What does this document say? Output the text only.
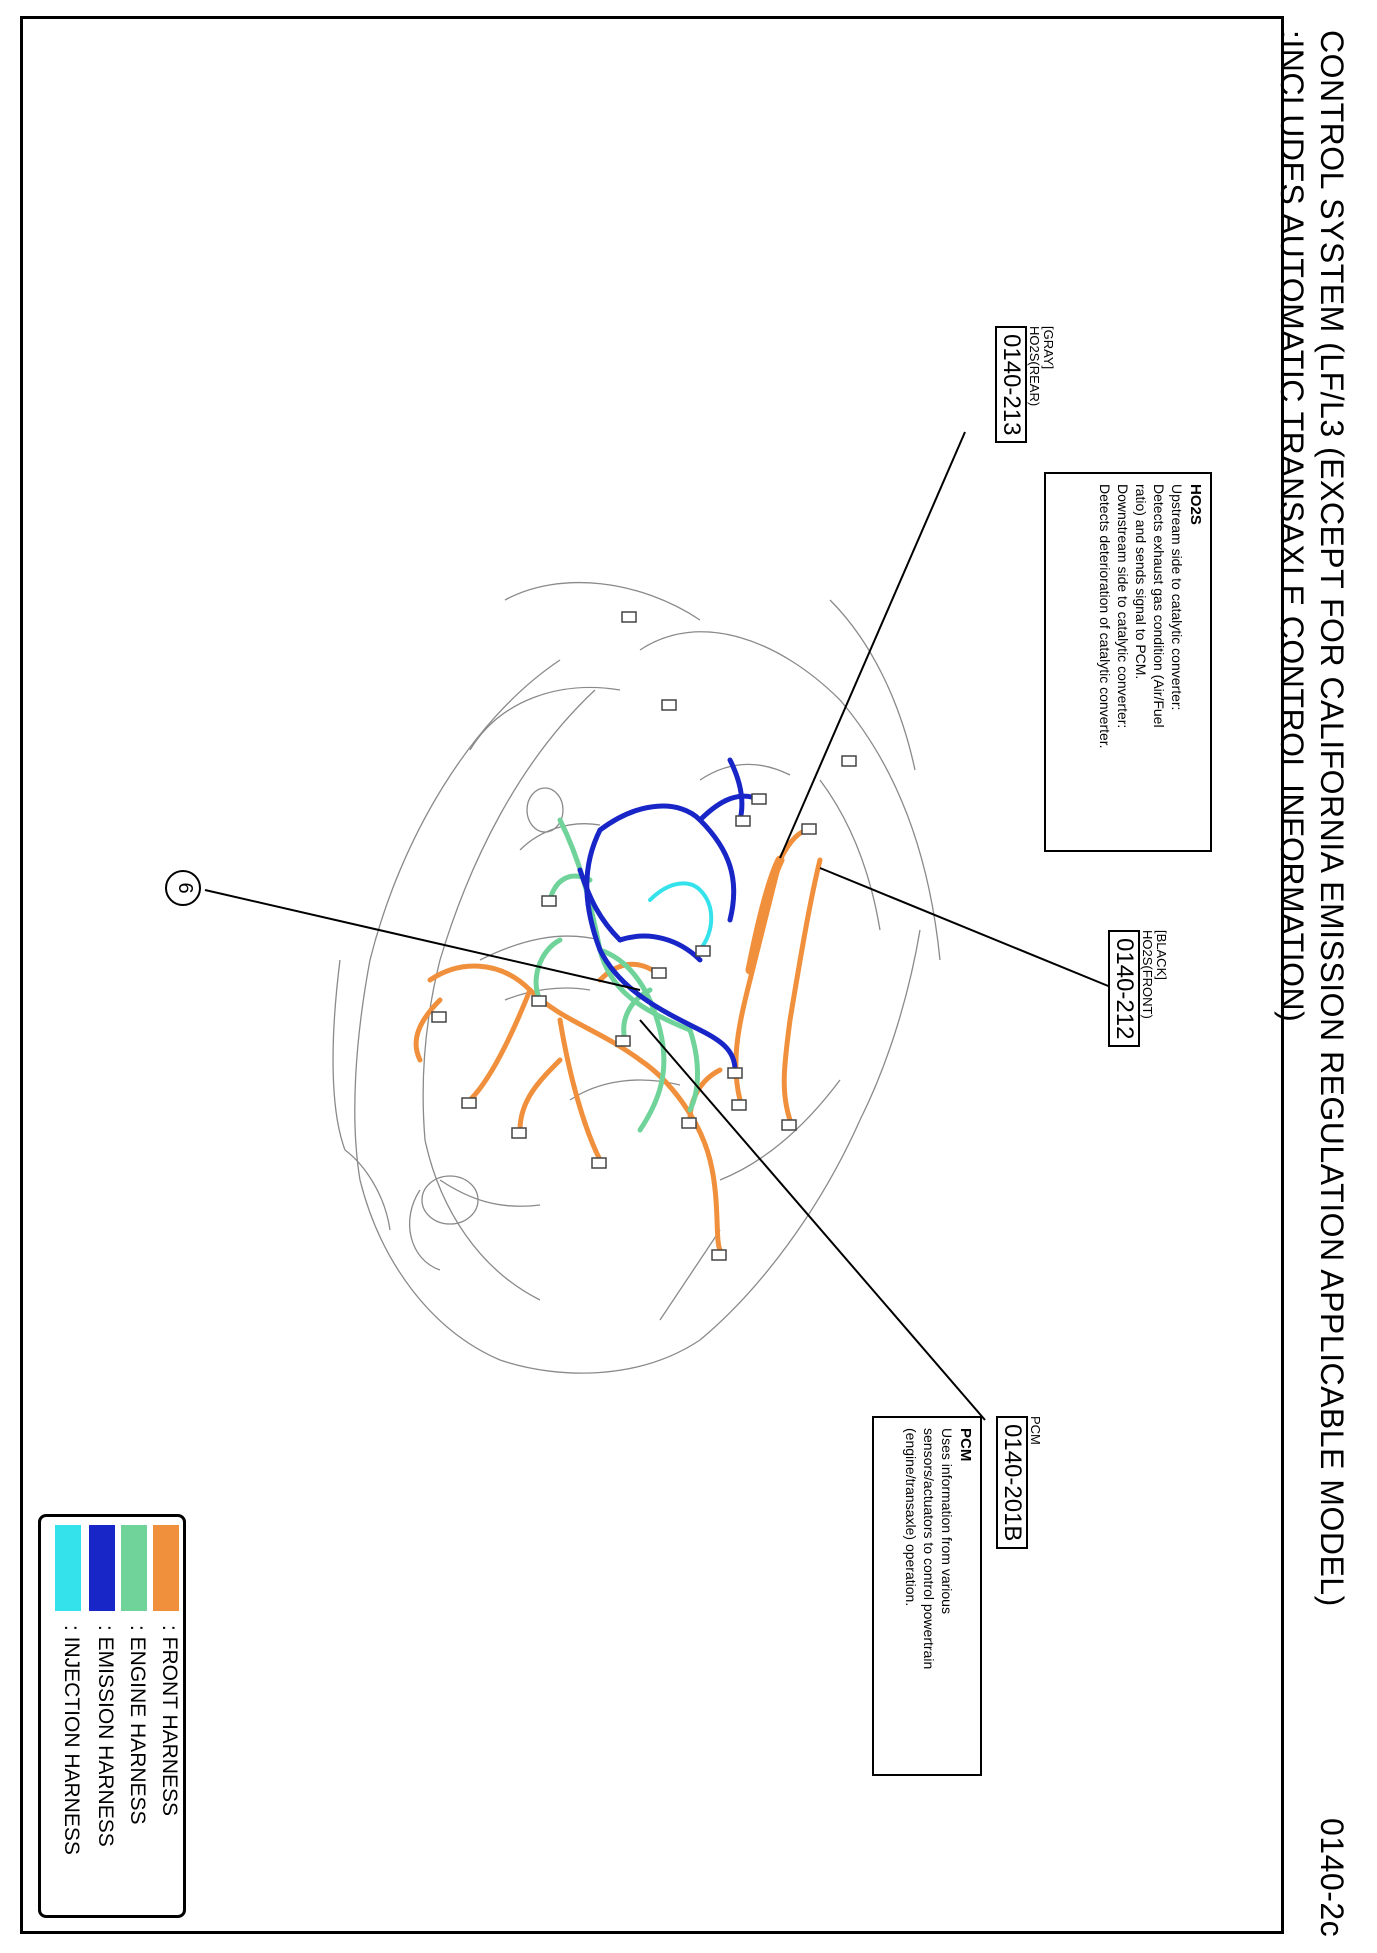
CONTROL SYSTEM (LF/L3 (EXCEPT FOR CALIFORNIA EMISSION REGULATION APPLICABLE MODEL)
:INCLUDES AUTOMATIC TRANSAXLE CONTROL INFORMATION)
0140-2c
6
[GRAY]
HO2S(REAR)
0140-213
[BLACK]
HO2S(FRONT)
0140-212
PCM
0140-201B
HO2S
Upstream side to catalytic converter:
Detects exhaust gas condition (Air/Fuel
ratio) and sends signal to PCM.
Downstream side to catalytic converter:
Detects deterioration of catalytic converter.
PCM
Uses information from various
sensors/actuators to control powertrain
(engine/transaxle) operation.
: FRONT HARNESS
: ENGINE HARNESS
: EMISSION HARNESS
: INJECTION HARNESS
